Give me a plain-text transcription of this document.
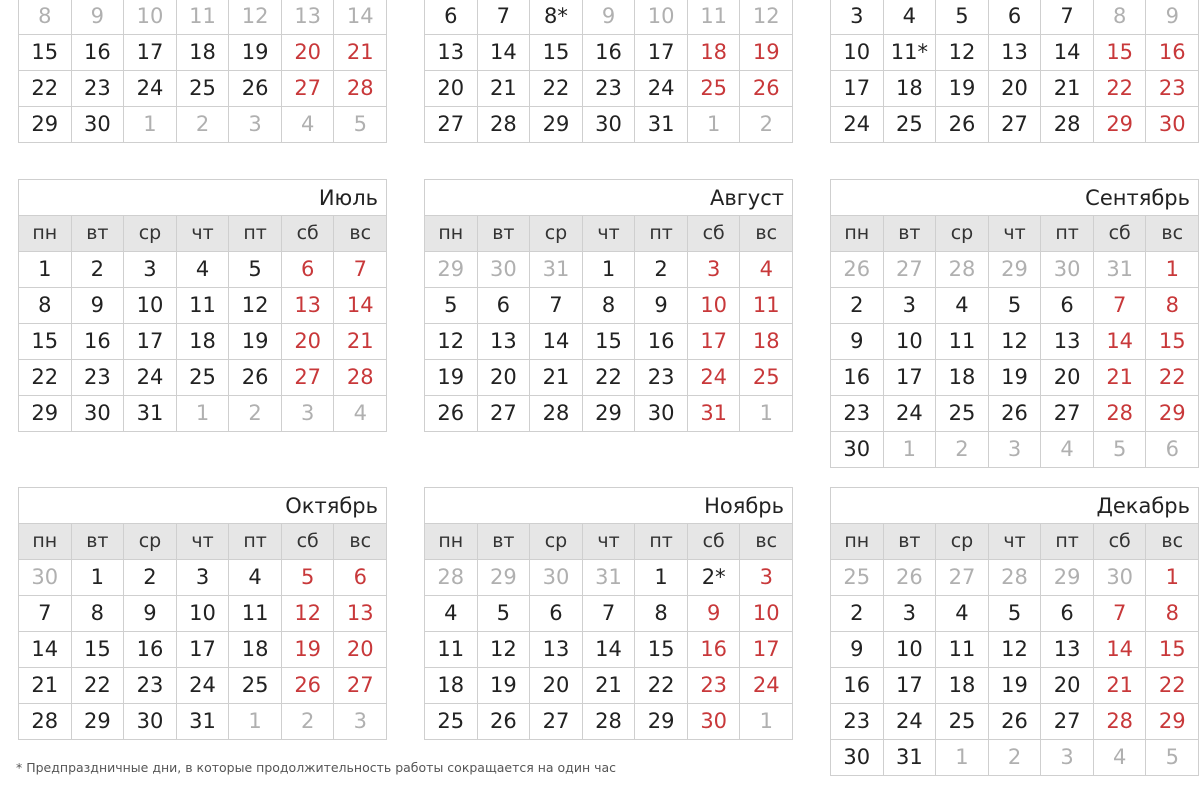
8	9	10	11	12	13	14
15	16	17	18	19	20	21
22	23	24	25	26	27	28
29	30	1	2	3	4	5
6	7	8*	9	10	11	12
13	14	15	16	17	18	19
20	21	22	23	24	25	26
27	28	29	30	31	1	2
3	4	5	6	7	8	9
10 11* 12	13	14	15	16
17	18	19	20	21	22	23
24	25	26	27	28	29	30
Июль
пн	вт	ср	чт	пт	сб	вс
1	2	3	4	5	6	7
8	9	10	11	12	13	14
15	16	17	18	19	20	21
22	23	24	25	26	27	28
29	30	31	1	2	3	4
Август
пн	вт	ср	чт	пт	сб	вс
29	30	31	1	2	3	4
5	6	7	8	9	10	11
12	13	14	15	16	17	18
19	20	21	22	23	24	25
26	27	28	29	30	31	1
Сентябрь
пн	вт	ср	чт	пт	сб	вс
26	27	28	29	30	31	1
2	3	4	5	6	7	8
9	10	11	12	13	14	15
16	17	18	19	20	21	22
23	24	25	26	27	28	29
30	1	2	3	4	5	6
Октябрь
пн	вт	ср	чт	пт	сб	вс
30	1	2	3	4	5	6
7	8	9	10	11	12	13
14	15	16	17	18	19	20
21	22	23	24	25	26	27
28	29	30	31	1	2	3
Ноябрь
пн	вт	ср	чт	пт	сб	вс
28	29	30	31	1	2*	3
4	5	6	7	8	9	10
11	12	13	14	15	16	17
18	19	20	21	22	23	24
25	26	27	28	29	30	1
Декабрь
пн	вт	ср	чт	пт	сб	вс
25	26	27	28	29	30	1
2	3	4	5	6	7	8
9	10	11	12	13	14	15
16	17	18	19	20	21	22
23	24	25	26	27	28	29
30	31	1	2	3	4	5
* Предпраздничные дни, в которые продолжительность работы сокращается на один час
